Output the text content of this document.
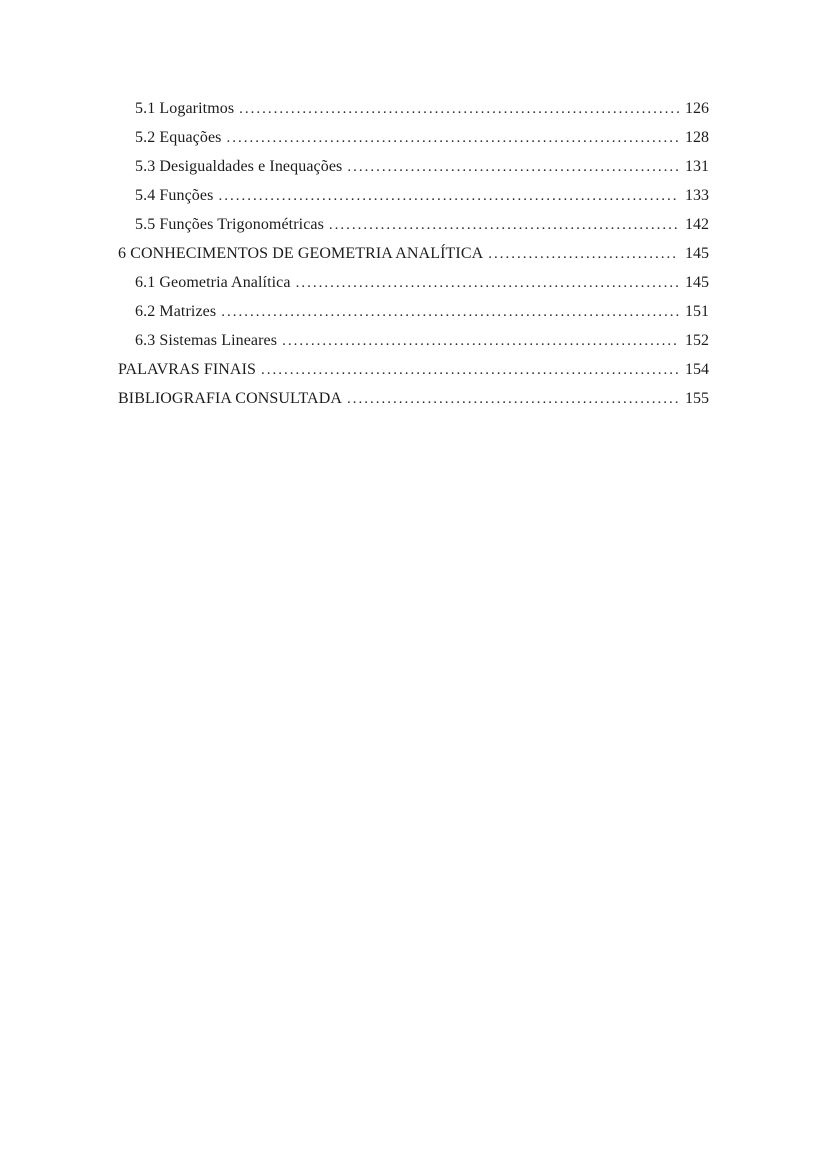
5.1 Logaritmos .....	126
5.2 Equações .....	128
5.3 Desigualdades e Inequações .....	131
5.4 Funções .....	133
5.5 Funções Trigonométricas .....	142
6 CONHECIMENTOS DE GEOMETRIA ANALÍTICA .....	145
6.1 Geometria Analítica .....	145
6.2 Matrizes .....	151
6.3 Sistemas Lineares .....	152
PALAVRAS FINAIS .....	154
BIBLIOGRAFIA CONSULTADA .....	155
